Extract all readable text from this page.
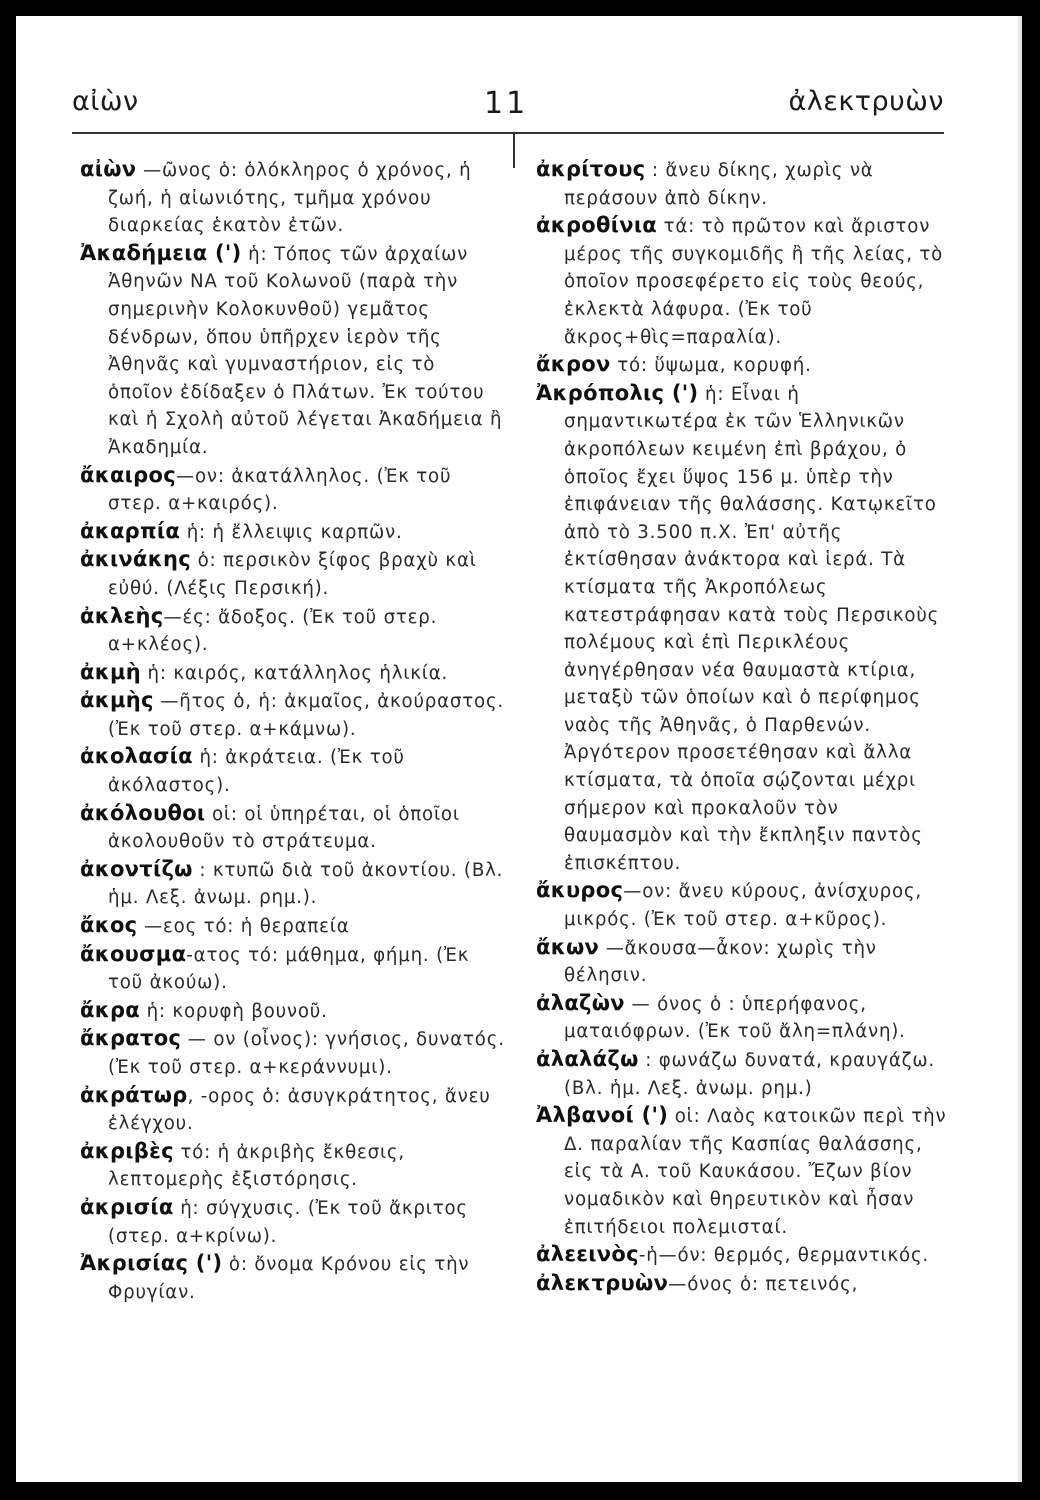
αἰὼν	11	ἀλεκτρυὼν

αἰὼν —ῶνος ὁ: ὁλόκληρος ὁ χρόνος, ἡ ζωή, ἡ αἰωνιότης, τμῆμα χρόνου διαρκείας ἑκατὸν ἐτῶν.

Ἀκαδήμεια (') ἡ: Τόπος τῶν ἀρχαίων Ἀθηνῶν ΝΑ τοῦ Κολωνοῦ (παρὰ τὴν σημερινὴν Κολοκυνθοῦ) γεμᾶτος δένδρων, ὅπου ὑπῆρχεν ἱερὸν τῆς Ἀθηνᾶς καὶ γυμναστήριον, εἰς τὸ ὁποῖον ἐδίδαξεν ὁ Πλάτων. Ἐκ τούτου καὶ ἡ Σχολὴ αὐτοῦ λέγεται Ἀκαδήμεια ἢ Ἀκαδημία.

ἄκαιρος—ον: ἀκατάλληλος. (Ἐκ τοῦ στερ. α+καιρός).

ἀκαρπία ἡ: ἡ ἔλλειψις καρπῶν.

ἀκινάκης ὁ: περσικὸν ξίφος βραχὺ καὶ εὐθύ. (Λέξις Περσική).

ἀκλεὴς—ές: ἄδοξος. (Ἐκ τοῦ στερ. α+κλέος).

ἀκμὴ ἡ: καιρός, κατάλληλος ἡλικία.

ἀκμὴς —ῆτος ὁ, ἡ: ἀκμαῖος, ἀκούραστος. (Ἐκ τοῦ στερ. α+κάμνω).

ἀκολασία ἡ: ἀκράτεια. (Ἐκ τοῦ ἀκόλαστος).

ἀκόλουθοι οἱ: οἱ ὑπηρέται, οἱ ὁποῖοι ἀκολουθοῦν τὸ στράτευμα.

ἀκοντίζω : κτυπῶ διὰ τοῦ ἀκοντίου. (Βλ. ἡμ. Λεξ. ἀνωμ. ρημ.).

ἄκος —εος τό: ἡ θεραπεία

ἄκουσμα-ατος τό: μάθημα, φήμη. (Ἐκ τοῦ ἀκούω).

ἄκρα ἡ: κορυφὴ βουνοῦ.

ἄκρατος — ον (οἶνος): γνήσιος, δυνατός. (Ἐκ τοῦ στερ. α+κεράννυμι).

ἀκράτωρ, -ορος ὁ: ἀσυγκράτητος, ἄνευ ἐλέγχου.

ἀκριβὲς τό: ἡ ἀκριβὴς ἔκθεσις, λεπτομερὴς ἐξιστόρησις.

ἀκρισία ἡ: σύγχυσις. (Ἐκ τοῦ ἄκριτος (στερ. α+κρίνω).

Ἀκρισίας (') ὁ: ὄνομα Κρόνου εἰς τὴν Φρυγίαν.

ἀκρίτους : ἄνευ δίκης, χωρὶς νὰ περάσουν ἀπὸ δίκην.

ἀκροθίνια τά: τὸ πρῶτον καὶ ἄριστον μέρος τῆς συγκομιδῆς ἢ τῆς λείας, τὸ ὁποῖον προσεφέρετο εἰς τοὺς θεούς, ἐκλεκτὰ λάφυρα. (Ἐκ τοῦ ἄκρος+θὶς=παραλία).

ἄκρον τό: ὕψωμα, κορυφή.

Ἀκρόπολις (') ἡ: Εἶναι ἡ σημαντικωτέρα ἐκ τῶν Ἑλληνικῶν ἀκροπόλεων κειμένη ἐπὶ βράχου, ὁ ὁποῖος ἔχει ὕψος 156 μ. ὑπὲρ τὴν ἐπιφάνειαν τῆς θαλάσσης. Κατῳκεῖτο ἀπὸ τὸ 3.500 π.Χ. Ἐπ' αὐτῆς ἐκτίσθησαν ἀνάκτορα καὶ ἱερά. Τὰ κτίσματα τῆς Ἀκροπόλεως κατεστράφησαν κατὰ τοὺς Περσικοὺς πολέμους καὶ ἐπὶ Περικλέους ἀνηγέρθησαν νέα θαυμαστὰ κτίρια, μεταξὺ τῶν ὁποίων καὶ ὁ περίφημος ναὸς τῆς Ἀθηνᾶς, ὁ Παρθενών. Ἀργότερον προσετέθησαν καὶ ἄλλα κτίσματα, τὰ ὁποῖα σῴζονται μέχρι σήμερον καὶ προκαλοῦν τὸν θαυμασμὸν καὶ τὴν ἔκπληξιν παντὸς ἐπισκέπτου.

ἄκυρος—ον: ἄνευ κύρους, ἀνίσχυρος, μικρός. (Ἐκ τοῦ στερ. α+κῦρος).

ἄκων —ἄκουσα—ἆκον: χωρὶς τὴν θέλησιν.

ἀλαζὼν — όνος ὁ : ὑπερήφανος, ματαιόφρων. (Ἐκ τοῦ ἄλη=πλάνη).

ἀλαλάζω : φωνάζω δυνατά, κραυγάζω. (Βλ. ἡμ. Λεξ. ἀνωμ. ρημ.)

Ἀλβανοί (') οἱ: Λαὸς κατοικῶν περὶ τὴν Δ. παραλίαν τῆς Κασπίας θαλάσσης, εἰς τὰ Α. τοῦ Καυκάσου. Ἔζων βίον νομαδικὸν καὶ θηρευτικὸν καὶ ἦσαν ἐπιτήδειοι πολεμισταί.

ἀλεεινὸς-ἡ—όν: θερμός, θερμαντικός.

ἀλεκτρυὼν—όνος ὁ: πετεινός,
